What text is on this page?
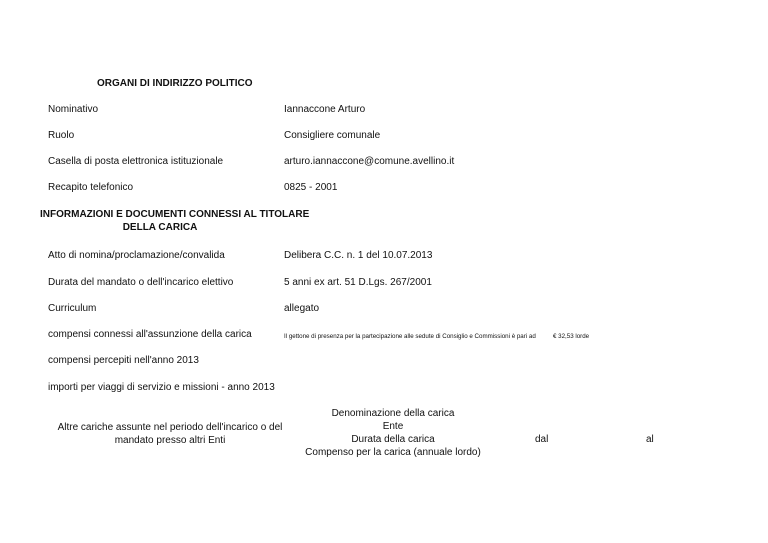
ORGANI DI INDIRIZZO POLITICO
Nominativo	Iannaccone Arturo
Ruolo	Consigliere comunale
Casella di posta elettronica istituzionale	arturo.iannaccone@comune.avellino.it
Recapito telefonico	0825 - 2001
INFORMAZIONI E DOCUMENTI CONNESSI AL TITOLARE
DELLA CARICA
Atto di nomina/proclamazione/convalida	Delibera C.C. n. 1 del 10.07.2013
Durata del mandato o dell'incarico elettivo	5 anni ex art. 51 D.Lgs. 267/2001
Curriculum	allegato
compensi connessi all'assunzione della carica	Il gettone di presenza per la partecipazione alle sedute di Consiglio e Commissioni è pari ad	€ 32,53 lorde
compensi percepiti nell'anno 2013
importi per viaggi di servizio e missioni - anno 2013
Altre cariche assunte nel periodo dell'incarico o del
mandato presso altri Enti
Denominazione della carica
Ente
Durata della carica
Compenso per la carica (annuale lordo)
dal	al
